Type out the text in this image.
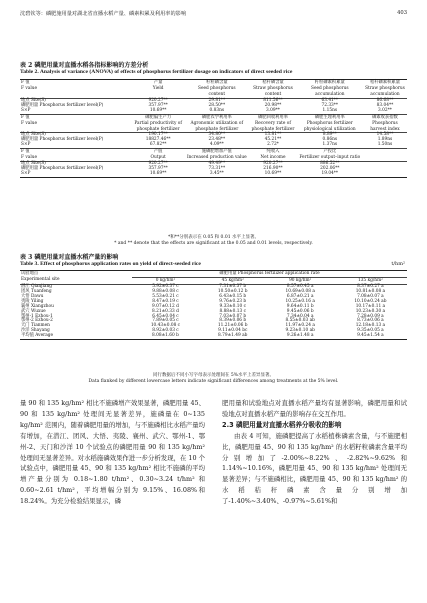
沈碧钦等：磷肥施用量对湖北省直播水稻产量、磷素积累及利用率的影响	403
表 2 磷肥用量对直播水稻各指标影响的方差分析
Table 2. Analysis of variance (ANOVA) of effects of phosphorus fertilizer dosage on indicators of direct seeded rice
F 值	产量	籽粒磷含量	秸秆磷含量	籽粒磷素积累量	秸秆磷素积累量
F value	Yield	Seed phosphorus	Straw phosphorus	Seed phosphorus	Straw phosphorus
		content	content	accumulation	accumulation
地点 Site(S)	920.27**	29.81**	811.56**	63.41**	86.68**
磷肥用量 Phosphorus fertilizer level(P)	357.97**	28.50**	20.98**	72.33**	83.04**
S×P	10.69**	0.83ns	3.09**	1.15ns	3.02**
F 值	磷肥偏生产力	磷肥农学利用率	磷肥回收利用率	磷肥生理利用率	磷素收获指数
F value	Partial productivity of	Agronomic utilization of	Recovery rate of	Phosphorus fertilizer	Phosphorus
	phosphate fertilizer	phosphate fertilizer	phosphate fertilizer	physiological utilization	harvest index
地点 Site(S)	190.17**	34.80**	13.81**	8.89**	14.58**
磷肥用量 Phosphorus fertilizer level(P)	18827.46**	23.48**	45.21**	0.86ns	1.89ns
S×P	67.82**	4.09**	2.72*	1.37ns	1.50ns
F 值	产值	施磷肥增加产值	纯收入	产投比	
F value	Output	Increased production value	Net income	Fertilizer output–input ratio	
地点 Site(S)	920.27**	49.49**	920.27**	886.52**	
磷肥用量 Phosphorus fertilizer level(P)	357.97**	73.31**	216.90**	202.06**	
S×P	10.69**	3.45**	10.69**	19.04**	
*和**分别表示在 0.05 和 0.01 水平上显著。
* and ** denote that the effects are significant at the 0.05 and 0.01 levels, respectively.
表 3 磷肥用量对直播水稻产量的影响
Table 3. Effect of phosphorus application rates on yield of direct-seeded rice	t/hm²
试验地点	磷肥用量 Phosphorus fertilizer application rate			
Experimental site	0 kg/hm²	45 kg/hm²	90 kg/hm²	135 kg/hm²
潜江 Qianjiang	5.92±0.37 c	7.31±0.37 b	8.57±0.45 a	8.37±0.27 a
团风 Tuanfeng	9.88±0.08 c	10.50±0.12 b	10.69±0.08 a	10.81±0.08 a
大悟 Dawu	5.53±0.21 c	6.43±0.15 b	6.87±0.21 a	7.08±0.07 a
夷陵 Yiling	8.47±0.19 c	9.76±0.23 b	10.25±0.16 a	10.10±0.24 ab
襄州 Xiangzhou	9.07±0.12 d	9.33±0.10 c	9.64±0.11 b	10.17±0.11 a
武穴 Wuxue	8.21±0.33 d	8.88±0.13 c	9.45±0.06 b	10.23±0.30 a
鄂州-1 Ezhou-1	6.45±0.04 c	7.03±0.07 b	7.34±0.04 a	7.28±0.09 a
鄂州-2 Ezhou-2	7.89±0.05 c	8.39±0.06 b	8.55±0.03 ab	8.73±0.06 a
天门 Tianmen	10.43±0.08 c	11.21±0.06 b	11.97±0.24 a	12.18±0.13 a
沙洋 Shayang	8.92±0.03 c	9.11±0.04 bc	9.23±0.10 ab	9.35±0.05 a
平均值 Average	8.08±1.60 b	8.79±1.49 ab	9.26±1.48 a	9.45±1.54 a
同行数据后不同小写字母表示处理间在 5%水平上差异显著。
Data flanked by different lowercase letters indicate significant differences among treatments at the 5% level.
量 90 和 135 kg/hm² 相比不施磷增产效果显著，磷肥用量 45、90 和 135 kg/hm² 处理间无显著差异，施磷量在 0~135 kg/hm² 范围内，随着磷肥用量的增加，与不施磷相比水稻产量均有增加，在潜江、团风、大悟、夷陵、襄州、武穴、鄂州-1、鄂州-2、天门和沙洋 10 个试验点的磷肥用量 90 和 135 kg/hm² 处理间无显著差异。对水稻施磷效果作进一步分析发现，在 10 个试验点中，磷肥用量 45、90 和 135 kg/hm² 相比不施磷的平均增产量分别为 0.18~1.80 t/hm²、0.30~3.24 t/hm² 和 0.60~2.61 t/hm²，平均增幅分别为 9.15%、16.08%和 18.24%。为充分检验结果显示，磷
肥用量和试验地点对直播水稻产量均有显著影响，磷肥用量和试验地点对直播水稻产量的影响存在交互作用。
2.3 磷肥用量对直播水稻养分吸收的影响
由表 4 可知，施磷肥提高了水稻植株磷素含量，与不施肥相比，磷肥用量 45、90 和 135 kg/hm² 的水稻籽粒磷素含量平均分别增加了-2.00%~8.22%、-2.82%~9.62%和 1.14%~10.16%，磷肥用量 45、90 和 135 kg/hm² 处理间无显著差异；与不施磷相比，磷肥用量 45、90 和 135 kg/hm² 的水稻秸秆磷素含量分别增加了-1.40%~3.40%、-0.97%~5.61%和
